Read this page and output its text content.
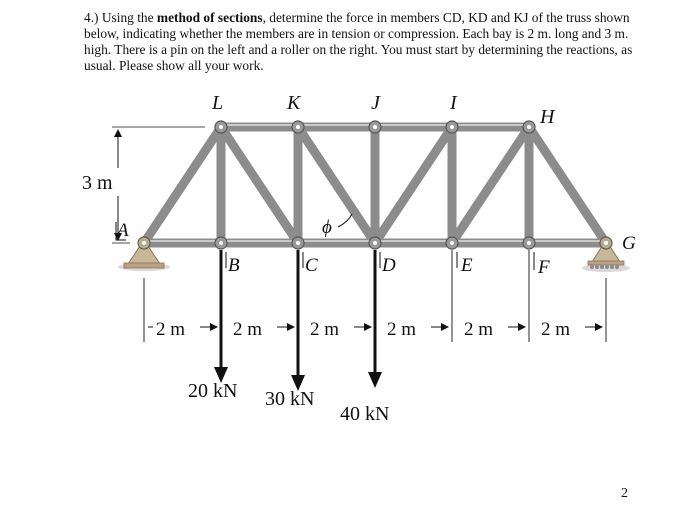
4.) Using the method of sections, determine the force in members CD, KD and KJ of the truss shown below, indicating whether the members are in tension or compression. Each bay is 2 m. long and 3 m. high. There is a pin on the left and a roller on the right. You must start by determining the reactions, as usual. Please show all your work.
L	K	J	I
H
A
B	C	D	E	F
G
3 m
ϕ
2 m	2 m	2 m	2 m	2 m	2 m
20 kN 30 kN
40 kN
2
